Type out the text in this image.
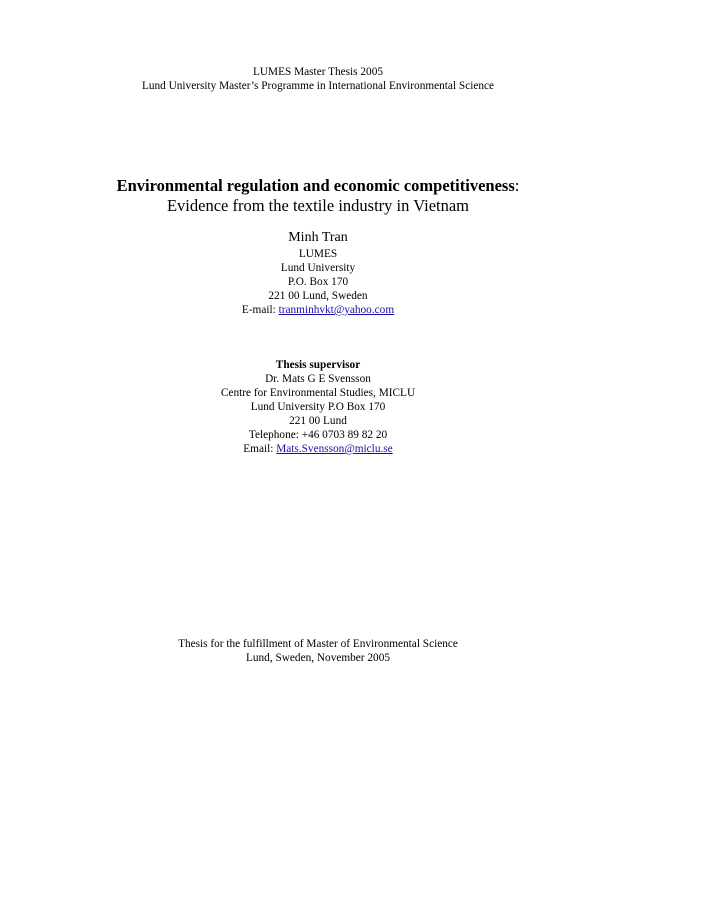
LUMES Master Thesis 2005
Lund University Master’s Programme in International Environmental Science
Environmental regulation and economic competitiveness:
Evidence from the textile industry in Vietnam
Minh Tran
LUMES
Lund University
P.O. Box 170
221 00 Lund, Sweden
E-mail: tranminhvkt@yahoo.com
Thesis supervisor
Dr. Mats G E Svensson
Centre for Environmental Studies, MICLU
Lund University P.O Box 170
221 00 Lund
Telephone: +46 0703 89 82 20
Email: Mats.Svensson@miclu.se
Thesis for the fulfillment of Master of Environmental Science
Lund, Sweden, November 2005
